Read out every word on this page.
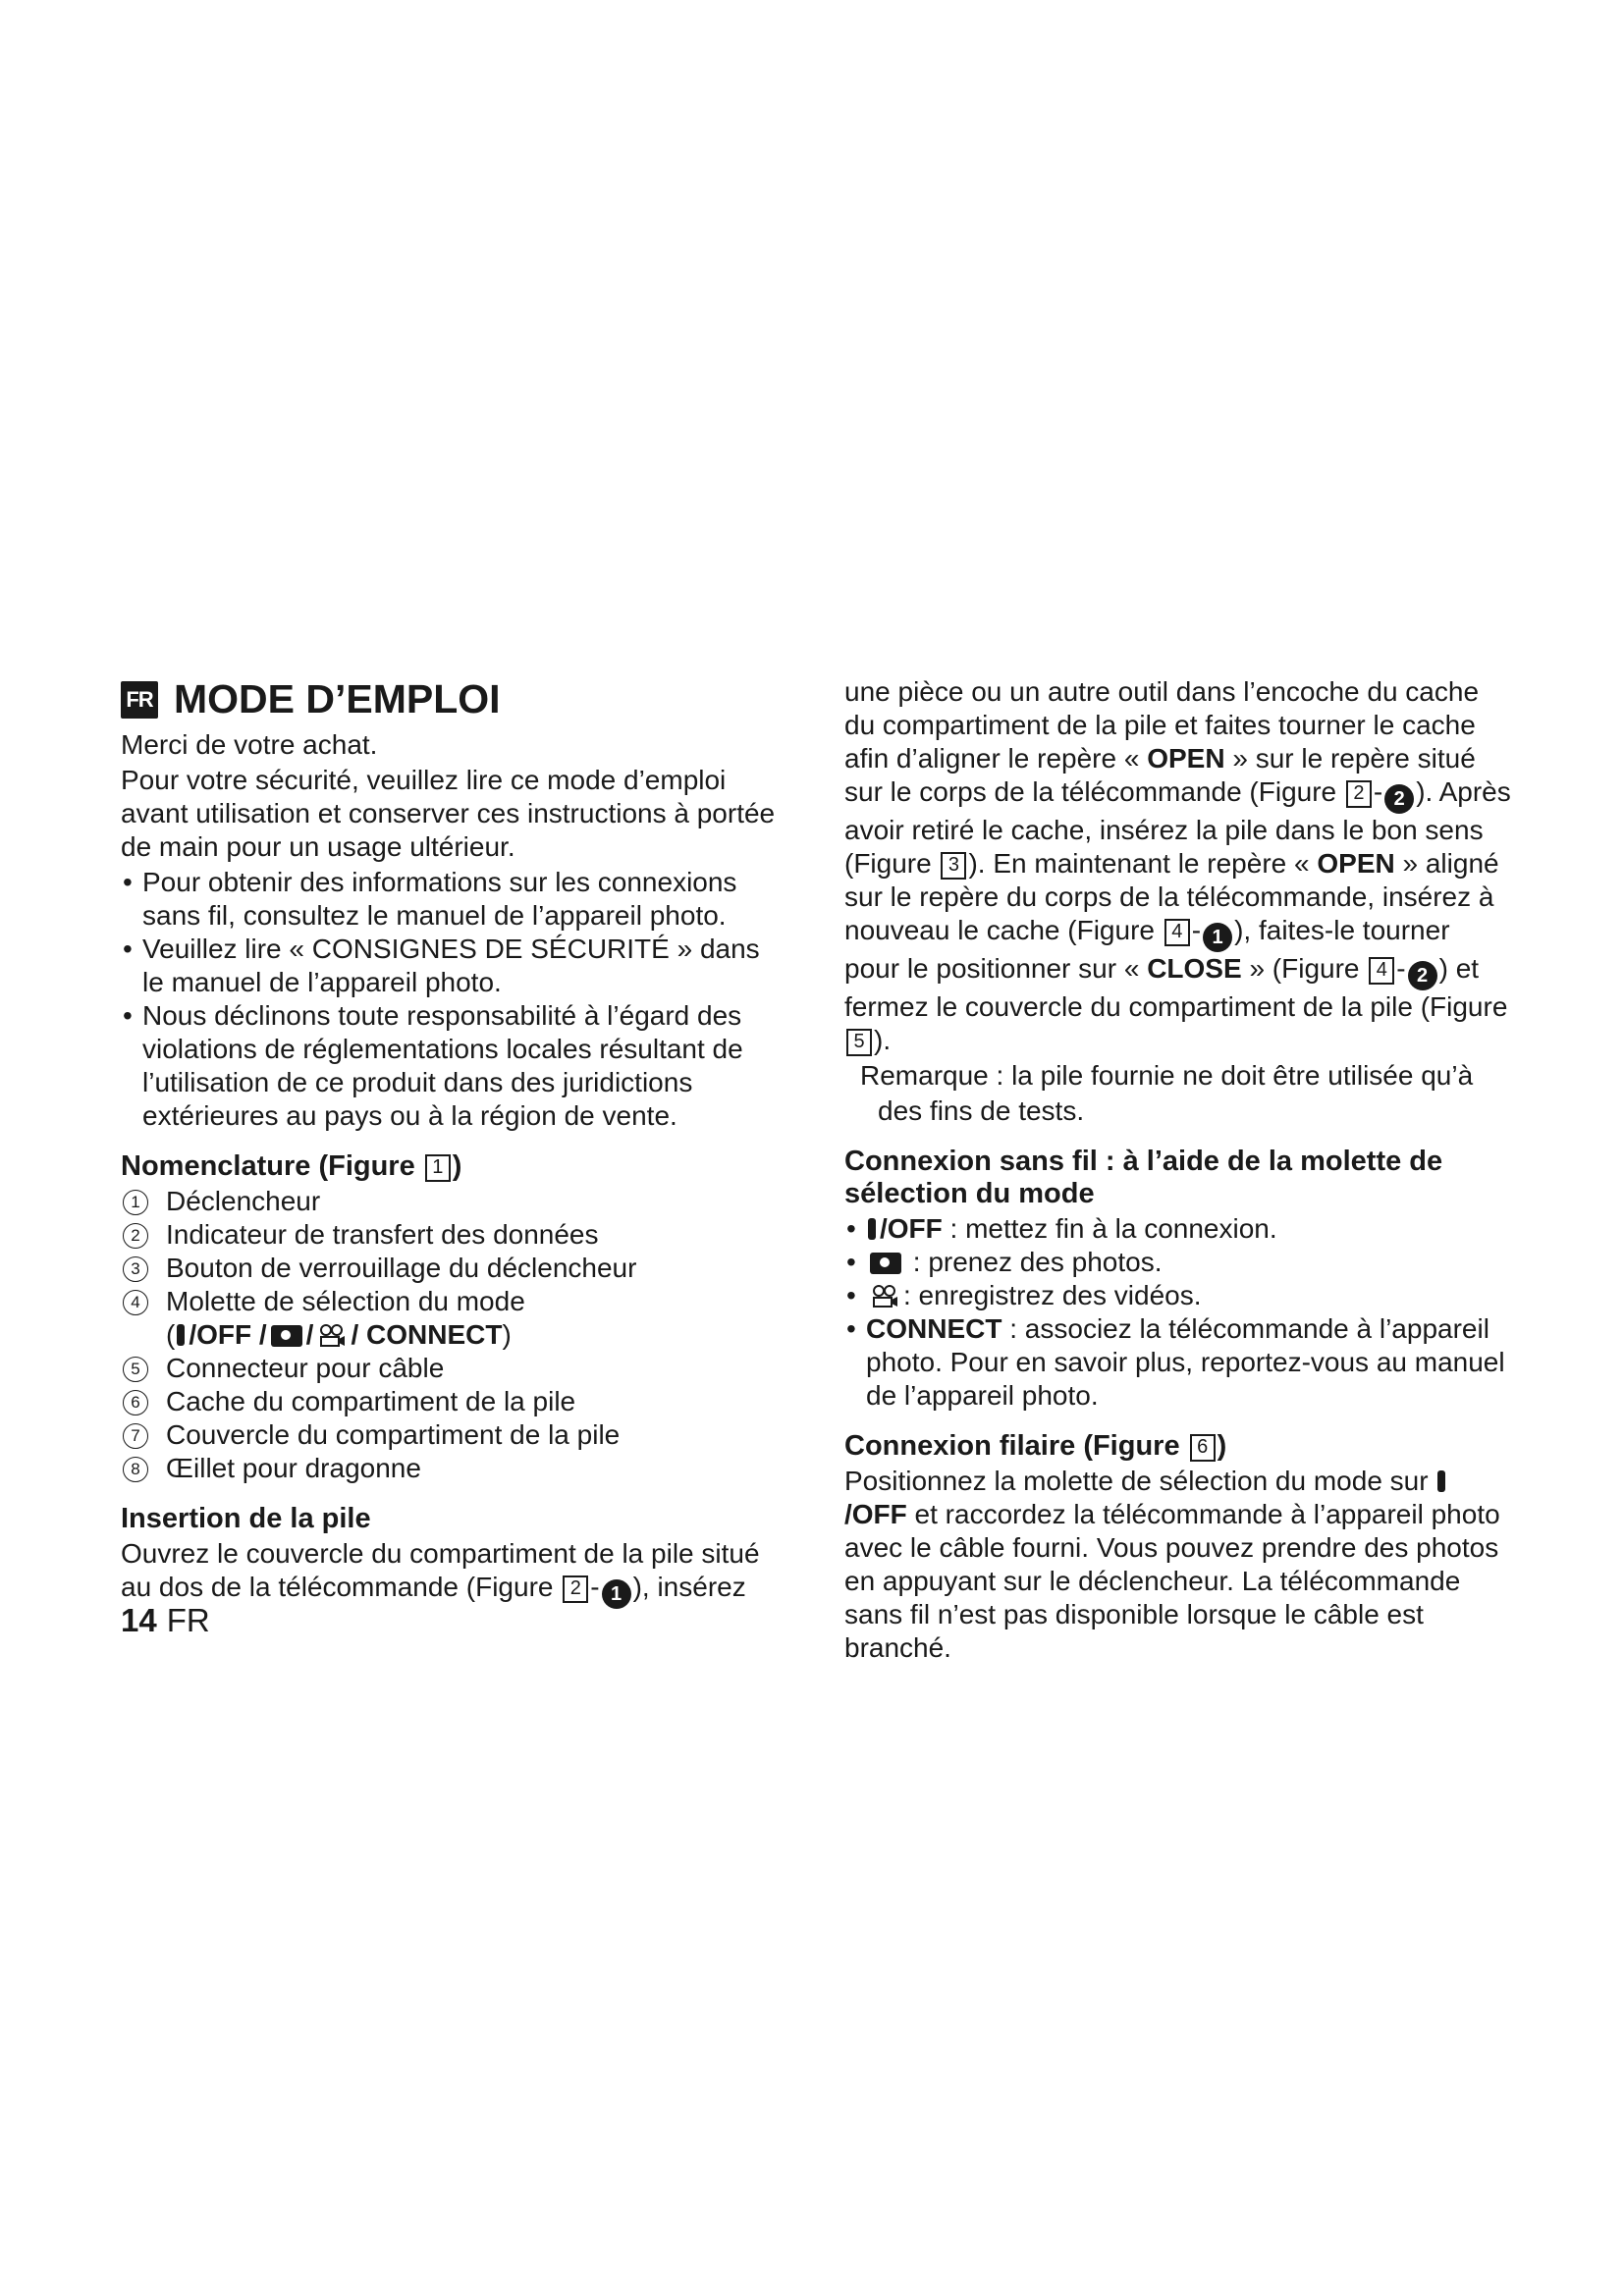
FR MODE D’EMPLOI

Merci de votre achat.

Pour votre sécurité, veuillez lire ce mode d’emploi avant utilisation et conserver ces instructions à portée de main pour un usage ultérieur.

• Pour obtenir des informations sur les connexions sans fil, consultez le manuel de l’appareil photo.
• Veuillez lire « CONSIGNES DE SÉCURITÉ » dans le manuel de l’appareil photo.
• Nous déclinons toute responsabilité à l’égard des violations de réglementations locales résultant de l’utilisation de ce produit dans des juridictions extérieures au pays ou à la région de vente.
Nomenclature (Figure 1 )
1 Déclencheur
2 Indicateur de transfert des données
3 Bouton de verrouillage du déclencheur
4 Molette de sélection du mode
( /OFF / / / CONNECT)
5 Connecteur pour câble
6 Cache du compartiment de la pile
7 Couvercle du compartiment de la pile
8 Œillet pour dragonne
Insertion de la pile

Ouvrez le couvercle du compartiment de la pile situé au dos de la télécommande (Figure 2 - 1 ), insérez

14 FR

une pièce ou un autre outil dans l’encoche du cache du compartiment de la pile et faites tourner le cache afin d’aligner le repère « OPEN » sur le repère situé sur le corps de la télécommande (Figure 2 - 2 ). Après avoir retiré le cache, insérez la pile dans le bon sens (Figure 3 ). En maintenant le repère « OPEN » aligné sur le repère du corps de la télécommande, insérez à nouveau le cache (Figure 4 - 1 ), faites-le tourner pour le positionner sur « CLOSE » (Figure 4 - 2 ) et fermez le couvercle du compartiment de la pile (Figure 5 ).

Remarque : la pile fournie ne doit être utilisée qu’à

des fins de tests.

Connexion sans fil : à l’aide de la molette de sélection du mode
• /OFF : mettez fin à la connexion.
• : prenez des photos.
• : enregistrez des vidéos.
• CONNECT : associez la télécommande à l’appareil photo. Pour en savoir plus, reportez-vous au manuel de l’appareil photo.
Connexion filaire (Figure 6 )

Positionnez la molette de sélection du mode sur /OFF et raccordez la télécommande à l’appareil photo avec le câble fourni. Vous pouvez prendre des photos en appuyant sur le déclencheur. La télécommande sans fil n’est pas disponible lorsque le câble est branché.
